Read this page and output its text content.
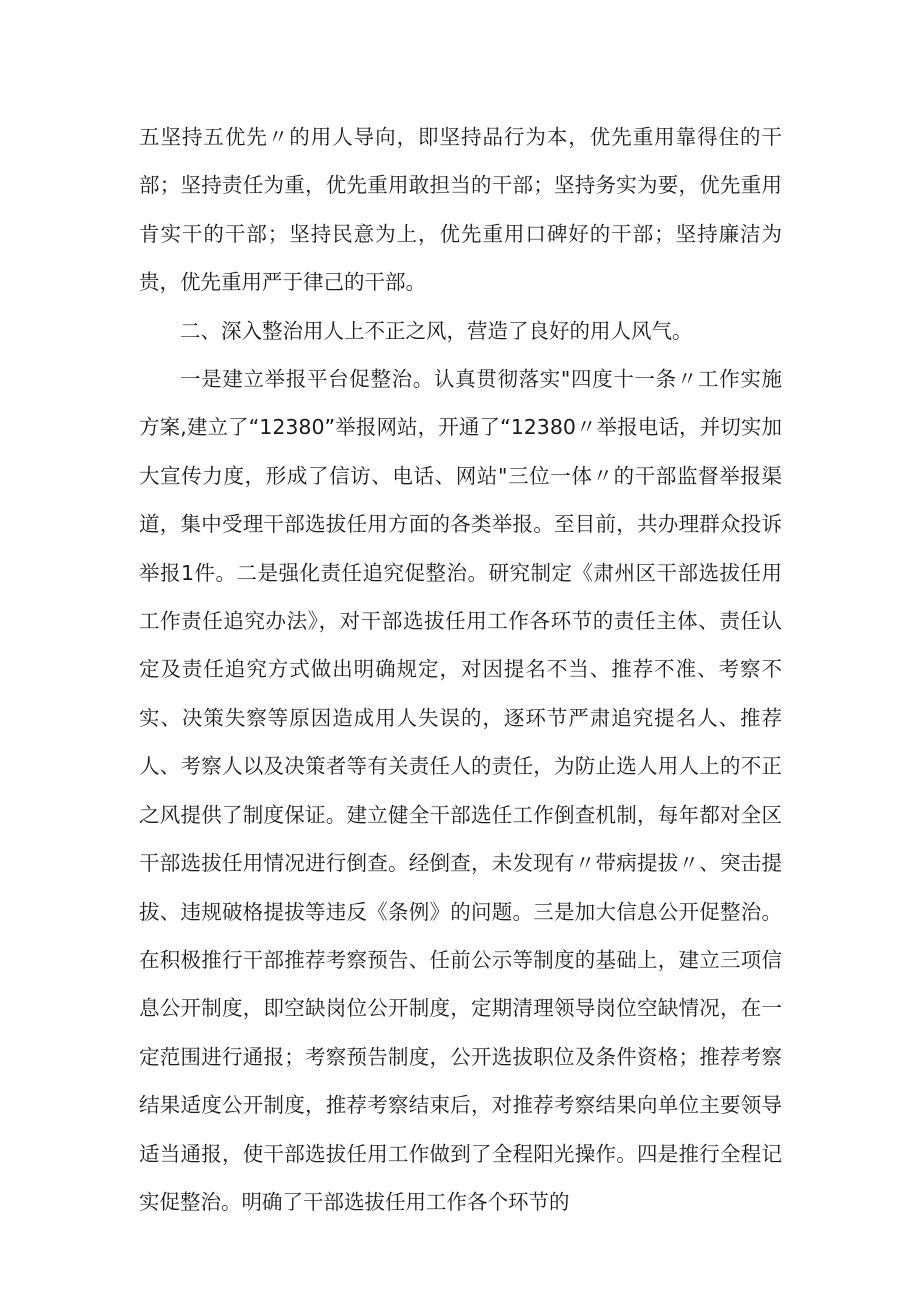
五坚持五优先〃的用人导向，即坚持品行为本，优先重用靠得住的干部；坚持责任为重，优先重用敢担当的干部；坚持务实为要，优先重用肯实干的干部；坚持民意为上，优先重用口碑好的干部；坚持廉洁为贵，优先重用严于律己的干部。

二、深入整治用人上不正之风，营造了良好的用人风气。

一是建立举报平台促整治。认真贯彻落实"四度十一条〃工作实施方案,建立了“12380”举报网站，开通了“12380〃举报电话，并切实加大宣传力度，形成了信访、电话、网站"三位一体〃的干部监督举报渠道，集中受理干部选拔任用方面的各类举报。至目前，共办理群众投诉举报1件。二是强化责任追究促整治。研究制定《肃州区干部选拔任用工作责任追究办法》，对干部选拔任用工作各环节的责任主体、责任认定及责任追究方式做出明确规定，对因提名不当、推荐不准、考察不实、决策失察等原因造成用人失误的，逐环节严肃追究提名人、推荐人、考察人以及决策者等有关责任人的责任，为防止选人用人上的不正之风提供了制度保证。建立健全干部选任工作倒查机制，每年都对全区干部选拔任用情况进行倒查。经倒查，未发现有〃带病提拔〃、突击提拔、违规破格提拔等违反《条例》的问题。三是加大信息公开促整治。在积极推行干部推荐考察预告、任前公示等制度的基础上，建立三项信息公开制度，即空缺岗位公开制度，定期清理领导岗位空缺情况，在一定范围进行通报；考察预告制度，公开选拔职位及条件资格；推荐考察结果适度公开制度，推荐考察结束后，对推荐考察结果向单位主要领导适当通报，使干部选拔任用工作做到了全程阳光操作。四是推行全程记实促整治。明确了干部选拔任用工作各个环节的
